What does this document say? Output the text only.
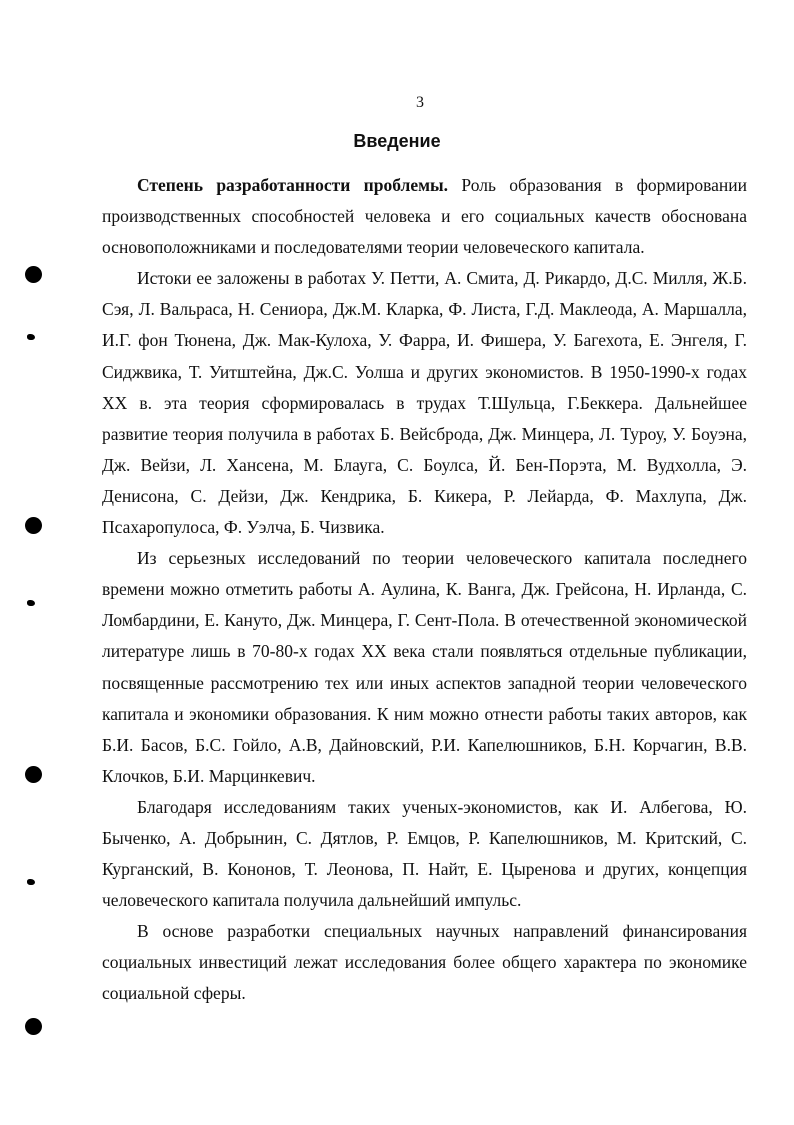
3
Введение

Степень разработанности проблемы. Роль образования в формировании производственных способностей человека и его социальных качеств обоснована основоположниками и последователями теории человеческого капитала.

Истоки ее заложены в работах У. Петти, А. Смита, Д. Рикардо, Д.С. Милля, Ж.Б. Сэя, Л. Вальраса, Н. Сениора, Дж.М. Кларка, Ф. Листа, Г.Д. Маклеода, А. Маршалла, И.Г. фон Тюнена, Дж. Мак-Кулоха, У. Фарра, И. Фишера, У. Багехота, Е. Энгеля, Г. Сиджвика, Т. Уитштейна, Дж.С. Уолша и других экономистов. В 1950-1990-х годах XX в. эта теория сформировалась в трудах Т.Шульца, Г.Беккера. Дальнейшее развитие теория получила в работах Б. Вейсброда, Дж. Минцера, Л. Туроу, У. Боуэна, Дж. Вейзи, Л. Хансена, М. Блауга, С. Боулса, Й. Бен-Порэта, М. Вудхолла, Э. Денисона, С. Дейзи, Дж. Кендрика, Б. Кикера, Р. Лейарда, Ф. Махлупа, Дж. Псахаропулоса, Ф. Уэлча, Б. Чизвика.

Из серьезных исследований по теории человеческого капитала последнего времени можно отметить работы А. Аулина, К. Ванга, Дж. Грейсона, Н. Ирланда, С. Ломбардини, Е. Кануто, Дж. Минцера, Г. Сент-Пола. В отечественной экономической литературе лишь в 70-80-х годах XX века стали появляться отдельные публикации, посвященные рассмотрению тех или иных аспектов западной теории человеческого капитала и экономики образования. К ним можно отнести работы таких авторов, как Б.И. Басов, Б.С. Гойло, А.В, Дайновский, Р.И. Капелюшников, Б.Н. Корчагин, В.В. Клочков, Б.И. Марцинкевич.

Благодаря исследованиям таких ученых-экономистов, как И. Албегова, Ю. Быченко, А. Добрынин, С. Дятлов, Р. Емцов, Р. Капелюшников, М. Критский, С. Курганский, В. Кононов, Т. Леонова, П. Найт, Е. Цыренова и других, концепция человеческого капитала получила дальнейший импульс.

В основе разработки специальных научных направлений финансирования социальных инвестиций лежат исследования более общего характера по экономике социальной сферы.
